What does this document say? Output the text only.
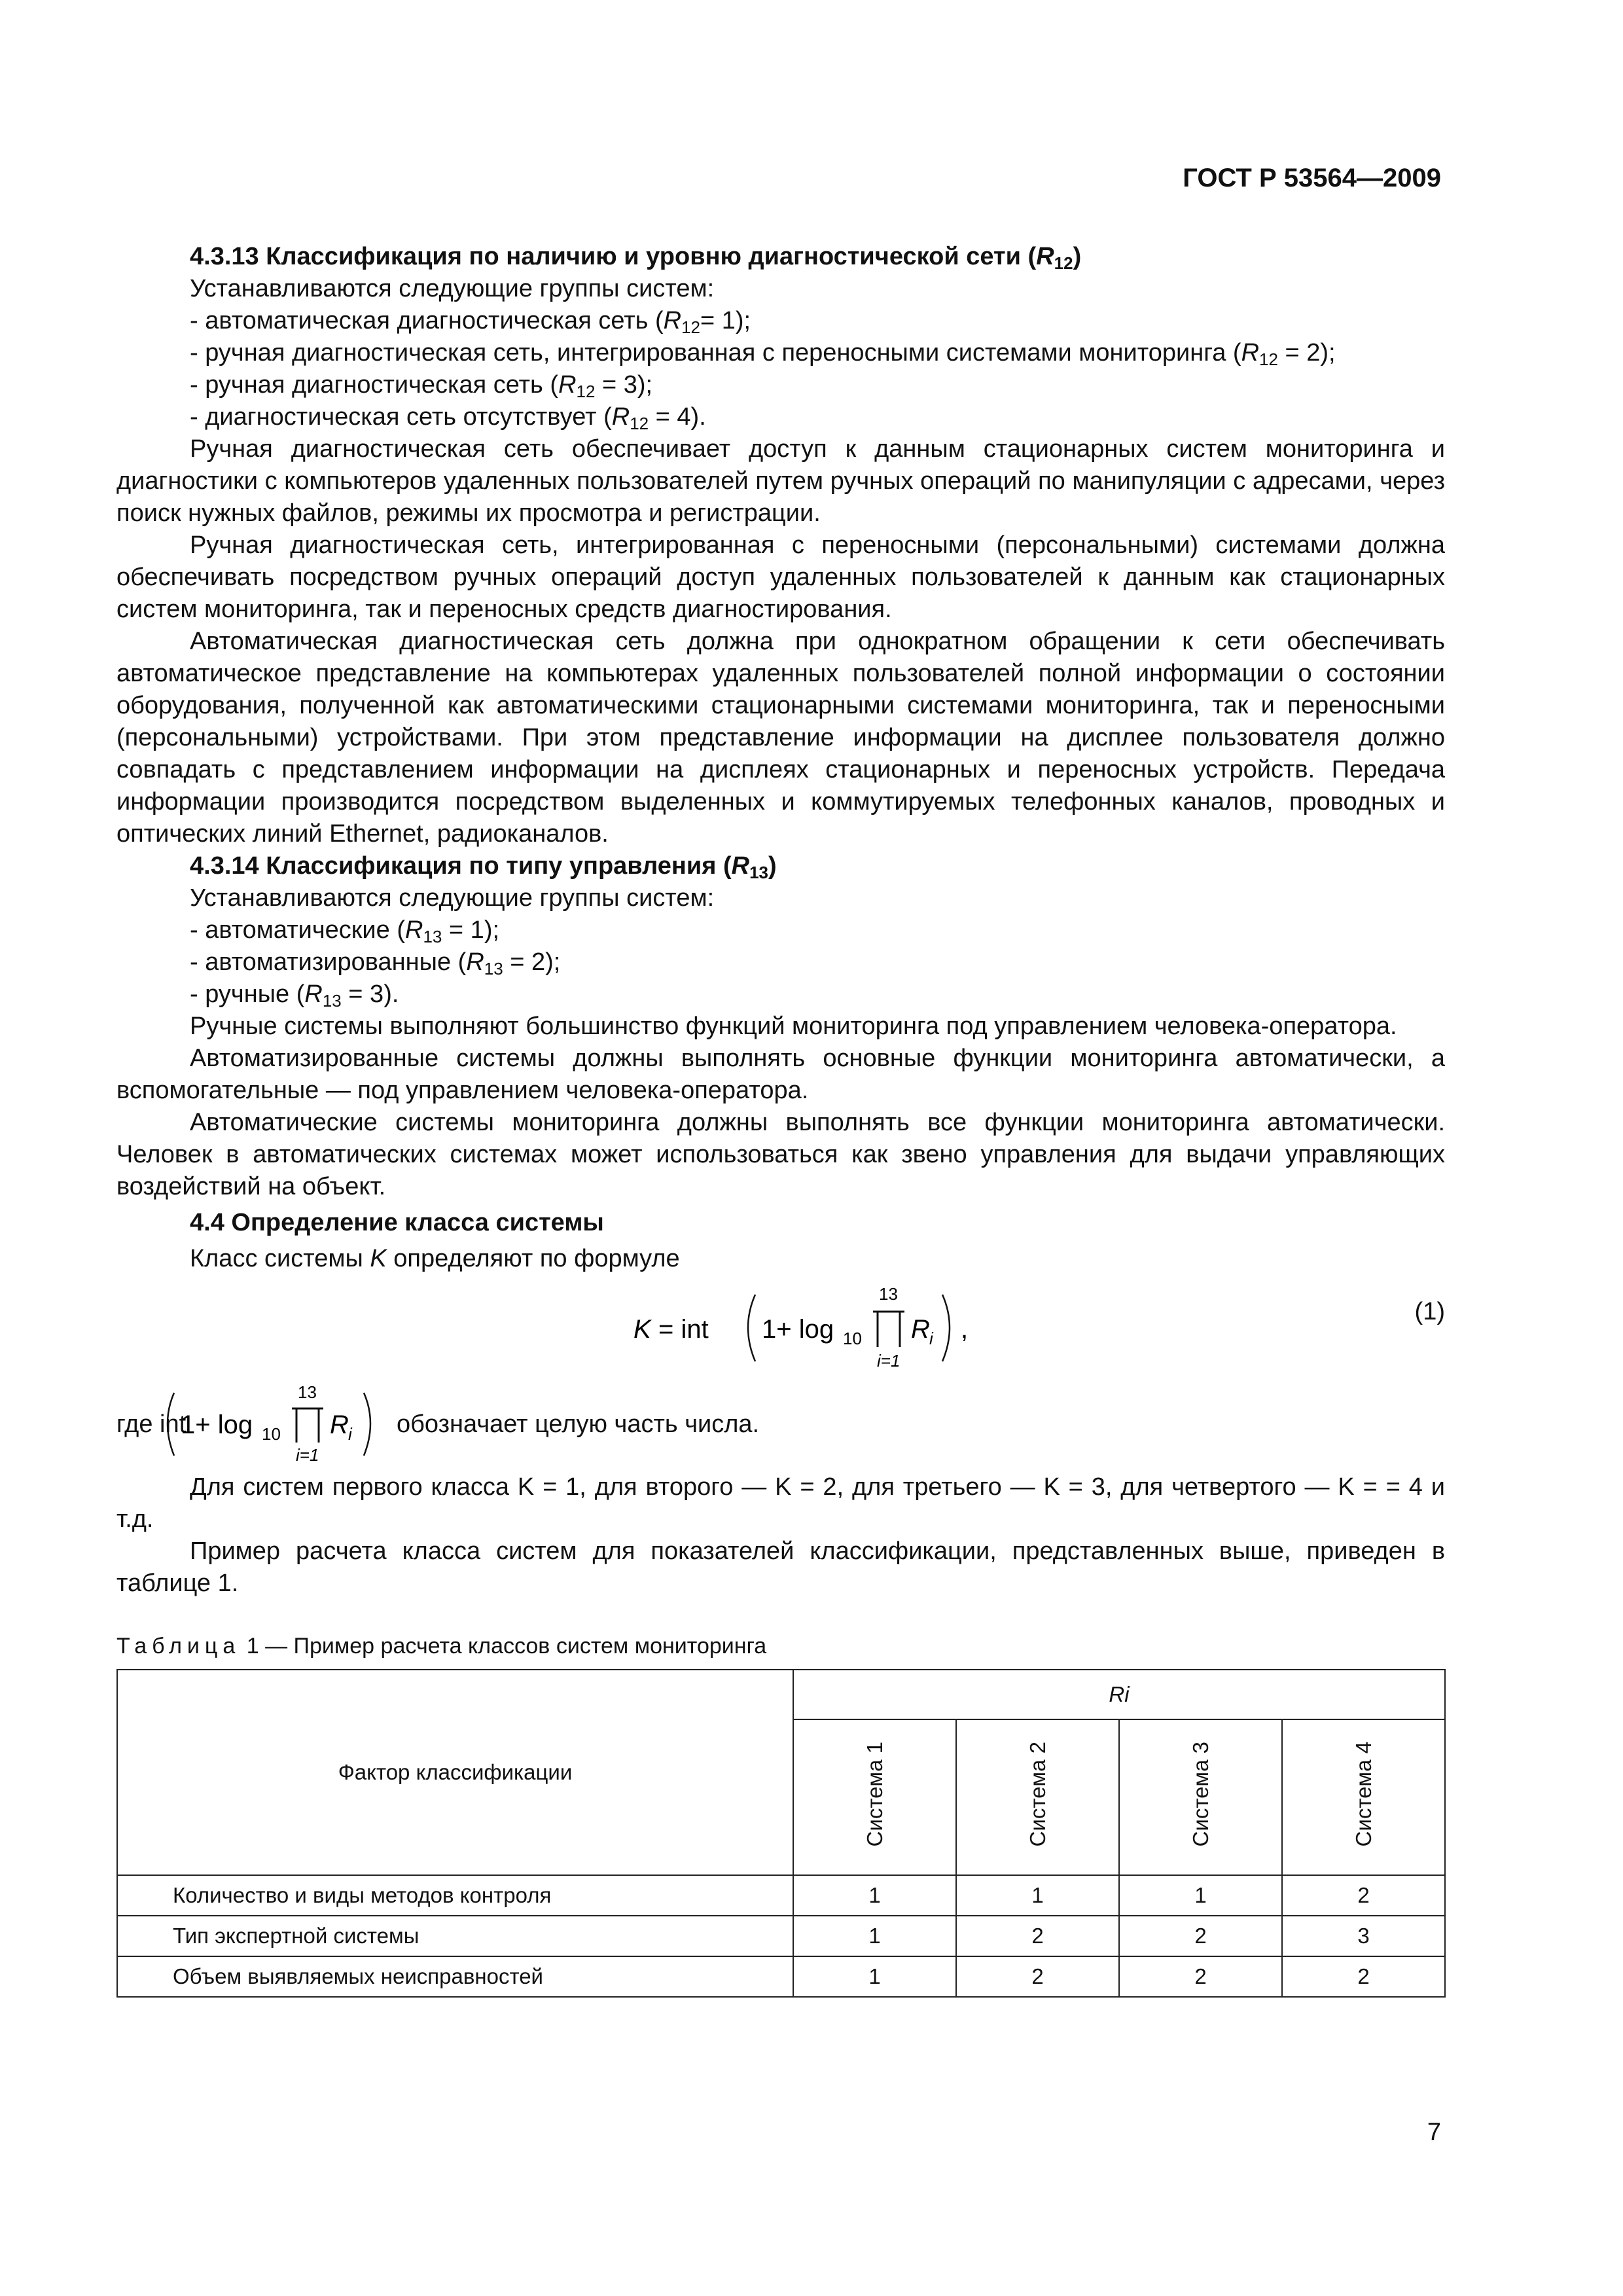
ГОСТ Р 53564—2009

4.3.13 Классификация по наличию и уровню диагностической сети $(R_{12})$

Устанавливаются следующие группы систем:

- автоматическая диагностическая сеть $(R_{12}= 1)$;

- ручная диагностическая сеть, интегрированная с переносными системами мониторинга $(R_{12} = 2)$;

- ручная диагностическая сеть $(R_{12} = 3)$;

- диагностическая сеть отсутствует $(R_{12} = 4)$.

Ручная диагностическая сеть обеспечивает доступ к данным стационарных систем мониторинга и диагностики с компьютеров удаленных пользователей путем ручных операций по манипуляции с адресами, через поиск нужных файлов, режимы их просмотра и регистрации.

Ручная диагностическая сеть, интегрированная с переносными (персональными) системами должна обеспечивать посредством ручных операций доступ удаленных пользователей к данным как стационарных систем мониторинга, так и переносных средств диагностирования.

Автоматическая диагностическая сеть должна при однократном обращении к сети обеспечивать автоматическое представление на компьютерах удаленных пользователей полной информации о состоянии оборудования, полученной как автоматическими стационарными системами мониторинга, так и переносными (персональными) устройствами. При этом представление информации на дисплее пользователя должно совпадать с представлением информации на дисплеях стационарных и переносных устройств. Передача информации производится посредством выделенных и коммутируемых телефонных каналов, проводных и оптических линий Ethernet, радиоканалов.

4.3.14 Классификация по типу управления $(R_{13})$

Устанавливаются следующие группы систем:

- автоматические $(R_{13} = 1)$;

- автоматизированные $(R_{13} = 2)$;

- ручные $(R_{13} = 3)$.

Ручные системы выполняют большинство функций мониторинга под управлением человека-оператора.

Автоматизированные системы должны выполнять основные функции мониторинга автоматически, а вспомогательные — под управлением человека-оператора.

Автоматические системы мониторинга должны выполнять все функции мониторинга автоматически. Человек в автоматических системах может использоваться как звено управления для выдачи управляющих воздействий на объект.

4.4 Определение класса системы

Класс системы K определяют по формуле

K = int 1+ log 10
13
i=1
R i ,
(1)
где int
1+ log 10
13
i=1
R i обозначает целую часть числа.

Для систем первого класса K = 1, для второго — K = 2, для третьего — K = 3, для четвертого — K = = 4 и т.д.

Пример расчета класса систем для показателей классификации, представленных выше, приведен в таблице 1.

Таблица 1 — Пример расчета классов систем мониторинга

Фактор классификации	Ri			
	Система 1	Система 2	Система 3	Система 4
Количество и виды методов контроля	1	1	1	2
Тип экспертной системы	1	2	2	3
Объем выявляемых неисправностей	1	2	2	2
7
